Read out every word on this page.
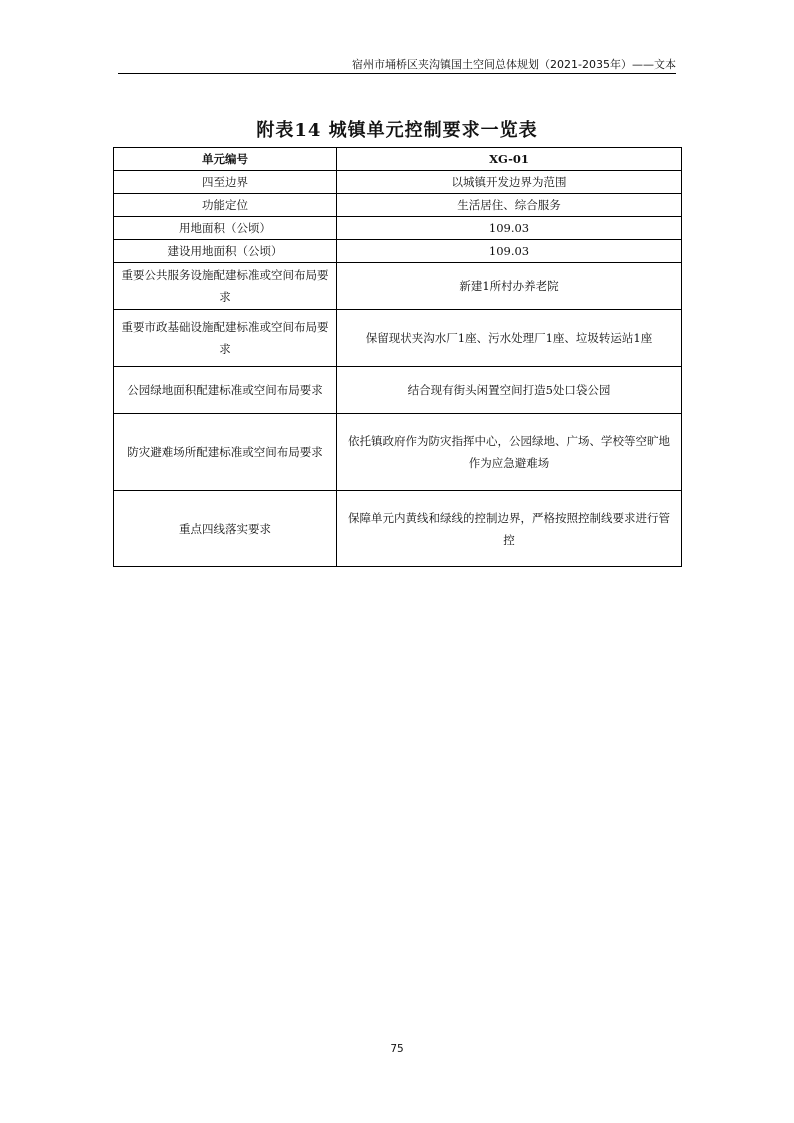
宿州市埇桥区夹沟镇国土空间总体规划（2021-2035年）——文本
附表14 城镇单元控制要求一览表
单元编号	XG-01
四至边界	以城镇开发边界为范围
功能定位	生活居住、综合服务
用地面积（公顷）	109.03
建设用地面积（公顷）	109.03
重要公共服务设施配建标准或空间布局要求	新建1所村办养老院
重要市政基础设施配建标准或空间布局要求	保留现状夹沟水厂1座、污水处理厂1座、垃圾转运站1座
公园绿地面积配建标准或空间布局要求	结合现有街头闲置空间打造5处口袋公园
防灾避难场所配建标准或空间布局要求	依托镇政府作为防灾指挥中心，公园绿地、广场、学校等空旷地作为应急避难场
重点四线落实要求	保障单元内黄线和绿线的控制边界，严格按照控制线要求进行管控
75
